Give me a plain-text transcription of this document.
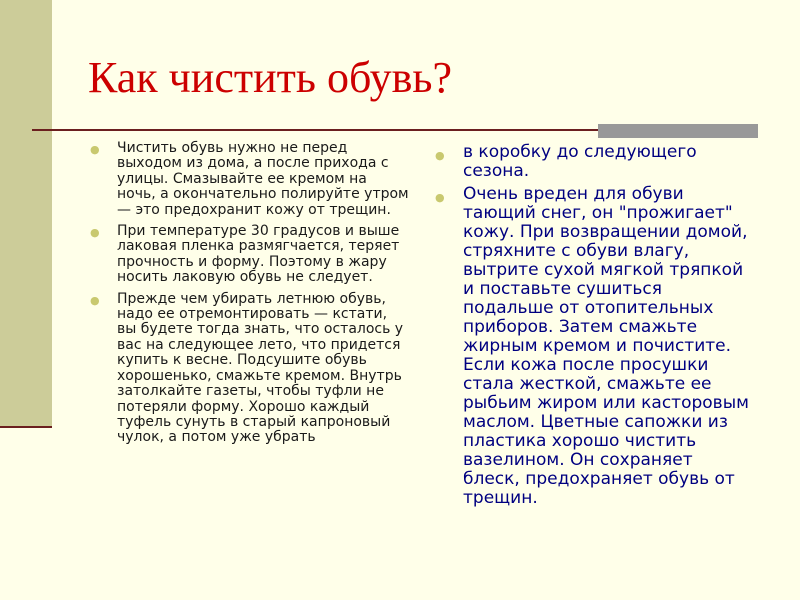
Как чистить обувь?
● Чистить обувь нужно не перед выходом из дома, а после прихода с улицы. Смазывайте ее кремом на ночь, а окончательно полируйте утром — это предохранит кожу от трещин.
● При температуре 30 градусов и выше лаковая пленка размягчается, теряет прочность и форму. Поэтому в жару носить лаковую обувь не следует.
● Прежде чем убирать летнюю обувь, надо ее отремонтировать — кстати, вы будете тогда знать, что осталось у вас на следующее лето, что придется купить к весне. Подсушите обувь хорошенько, смажьте кремом. Внутрь затолкайте газеты, чтобы туфли не потеряли форму. Хорошо каждый туфель сунуть в старый капроновый чулок, а потом уже убрать
● в коробку до следующего сезона.
● Очень вреден для обуви тающий снег, он "прожигает" кожу. При возвращении домой, стряхните с обуви влагу, вытрите сухой мягкой тряпкой и поставьте сушиться подальше от отопительных приборов. Затем смажьте жирным кремом и почистите. Если кожа после просушки стала жесткой, смажьте ее рыбьим жиром или касторовым маслом. Цветные сапожки из пластика хорошо чистить вазелином. Он сохраняет блеск, предохраняет обувь от трещин.
